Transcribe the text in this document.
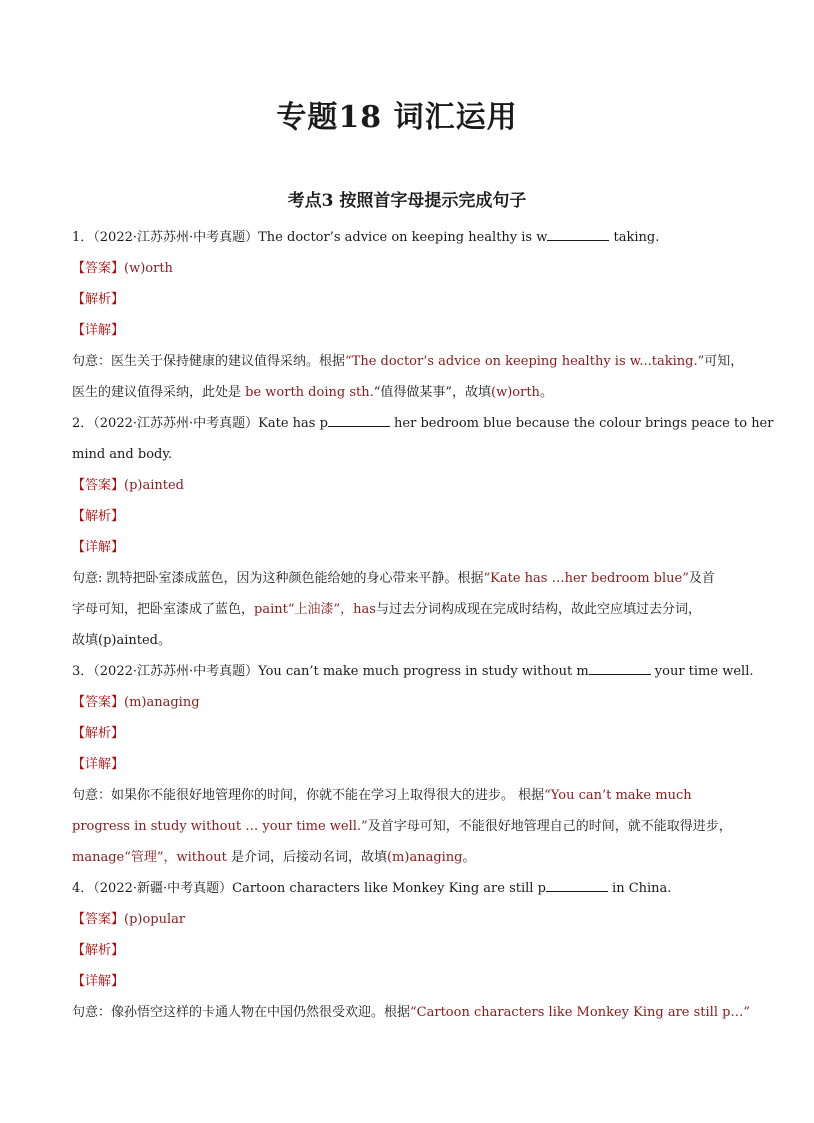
专题18 词汇运用
考点3 按照首字母提示完成句子
1．（2022·江苏苏州·中考真题）The doctor’s advice on keeping healthy is w	taking.
【答案】(w)orth
【解析】
【详解】
句意：医生关于保持健康的建议值得采纳。根据“The doctor’s advice on keeping healthy is w...taking.”可知，
医生的建议值得采纳，此处是 be worth doing sth.“值得做某事”，故填(w)orth。
2．（2022·江苏苏州·中考真题）Kate has p	her bedroom blue because the colour brings peace to her
mind and body.
【答案】(p)ainted
【解析】
【详解】
句意: 凯特把卧室漆成蓝色，因为这种颜色能给她的身心带来平静。根据“Kate has …her bedroom blue”及首
字母可知，把卧室漆成了蓝色，paint“上油漆”，has与过去分词构成现在完成时结构，故此空应填过去分词，
故填(p)ainted。
3．（2022·江苏苏州·中考真题）You can’t make much progress in study without m	your time well.
【答案】(m)anaging
【解析】
【详解】
句意：如果你不能很好地管理你的时间，你就不能在学习上取得很大的进步。 根据“You can’t make much
progress in study without … your time well.”及首字母可知，不能很好地管理自己的时间，就不能取得进步，
manage“管理”，without 是介词，后接动名词，故填(m)anaging。
4．（2022·新疆·中考真题）Cartoon characters like Monkey King are still p	in China.
【答案】(p)opular
【解析】
【详解】
句意：像孙悟空这样的卡通人物在中国仍然很受欢迎。根据“Cartoon characters like Monkey King are still p…”
